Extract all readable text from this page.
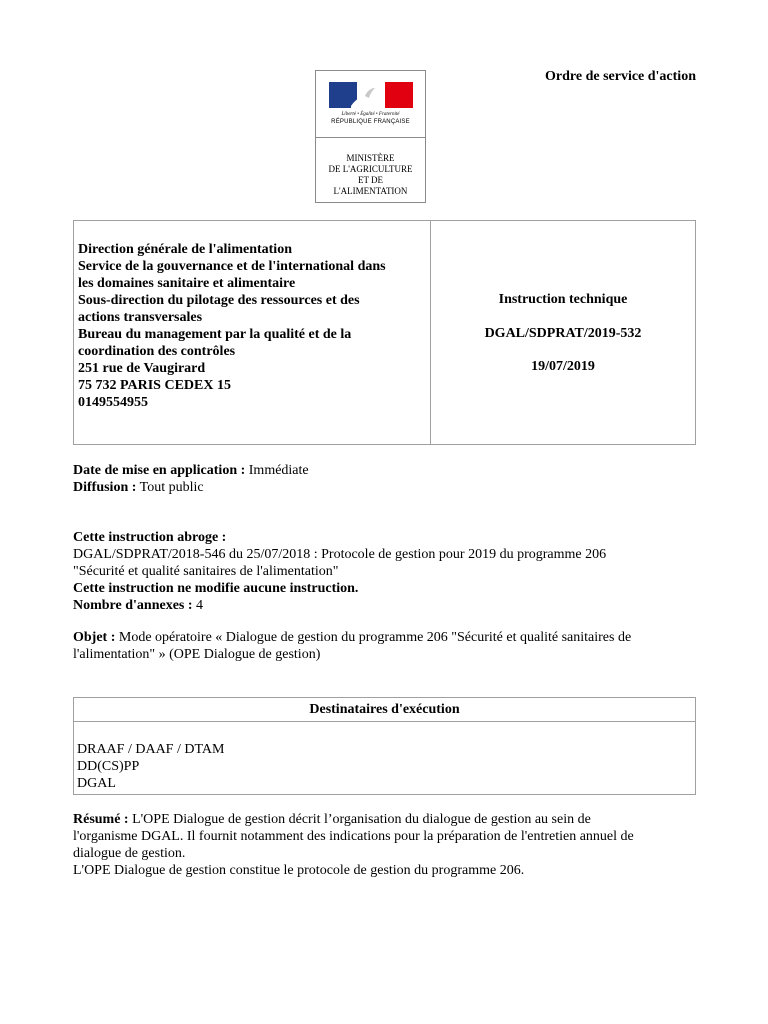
Liberté • Égalité • Fraternité
RÉPUBLIQUE FRANÇAISE
MINISTÈRE
DE L'AGRICULTURE
ET DE
L'ALIMENTATION
Ordre de service d'action
Direction générale de l'alimentation
Service de la gouvernance et de l'international dans
les domaines sanitaire et alimentaire
Sous-direction du pilotage des ressources et des
actions transversales
Bureau du management par la qualité et de la
coordination des contrôles
251 rue de Vaugirard
75 732 PARIS CEDEX 15
0149554955
Instruction technique
DGAL/SDPRAT/2019-532
19/07/2019
Date de mise en application : Immédiate
Diffusion : Tout public
Cette instruction abroge :
DGAL/SDPRAT/2018-546 du 25/07/2018 : Protocole de gestion pour 2019 du programme 206
"Sécurité et qualité sanitaires de l'alimentation"
Cette instruction ne modifie aucune instruction.
Nombre d'annexes : 4
Objet : Mode opératoire « Dialogue de gestion du programme 206 "Sécurité et qualité sanitaires de
l'alimentation" » (OPE Dialogue de gestion)
Destinataires d'exécution
DRAAF / DAAF / DTAM
DD(CS)PP
DGAL
Résumé : L'OPE Dialogue de gestion décrit l’organisation du dialogue de gestion au sein de
l'organisme DGAL. Il fournit notamment des indications pour la préparation de l'entretien annuel de
dialogue de gestion.
L'OPE Dialogue de gestion constitue le protocole de gestion du programme 206.
